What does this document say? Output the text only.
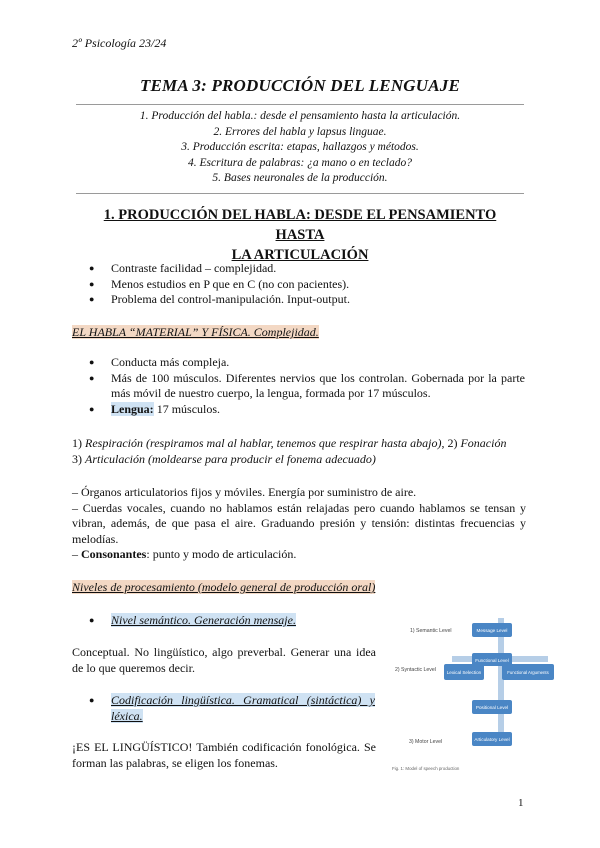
2º Psicología 23/24
TEMA 3: PRODUCCIÓN DEL LENGUAJE
1. Producción del habla.: desde el pensamiento hasta la articulación.
2. Errores del habla y lapsus linguae.
3. Producción escrita: etapas, hallazgos y métodos.
4. Escritura de palabras: ¿a mano o en teclado?
5. Bases neuronales de la producción.
1. PRODUCCIÓN DEL HABLA: DESDE EL PENSAMIENTO HASTA
LA ARTICULACIÓN
● Contraste facilidad – complejidad.
● Menos estudios en P que en C (no con pacientes).
● Problema del control-manipulación. Input-output.
EL HABLA “MATERIAL” Y FÍSICA. Complejidad.
● Conducta más compleja.
● Más de 100 músculos. Diferentes nervios que los controlan. Gobernada por la parte más móvil de nuestro cuerpo, la lengua, formada por 17 músculos.
● Lengua: 17 músculos.
1) Respiración (respiramos mal al hablar, tenemos que respirar hasta abajo), 2) Fonación
3) Articulación (moldearse para producir el fonema adecuado)
– Órganos articulatorios fijos y móviles. Energía por suministro de aire.
– Cuerdas vocales, cuando no hablamos están relajadas pero cuando hablamos se tensan y vibran, además, de que pasa el aire. Graduando presión y tensión: distintas frecuencias y melodías.
– Consonantes: punto y modo de articulación.
Niveles de procesamiento (modelo general de producción oral)
● Nivel semántico. Generación mensaje.
Conceptual. No lingüístico, algo preverbal. Generar una idea de lo que queremos decir.
● Codificación lingüística. Gramatical (sintáctica) y léxica.
¡ES EL LINGÜÍSTICO! También codificación fonológica. Se forman las palabras, se eligen los fonemas.
1) Semantic Level
2) Syntactic Level
3) Motor Level
Message Level
Functional Level
Lexical Selection	Functional Arguments
Positional Level
Articulatory Level
Fig. 1: Model of speech production
1
